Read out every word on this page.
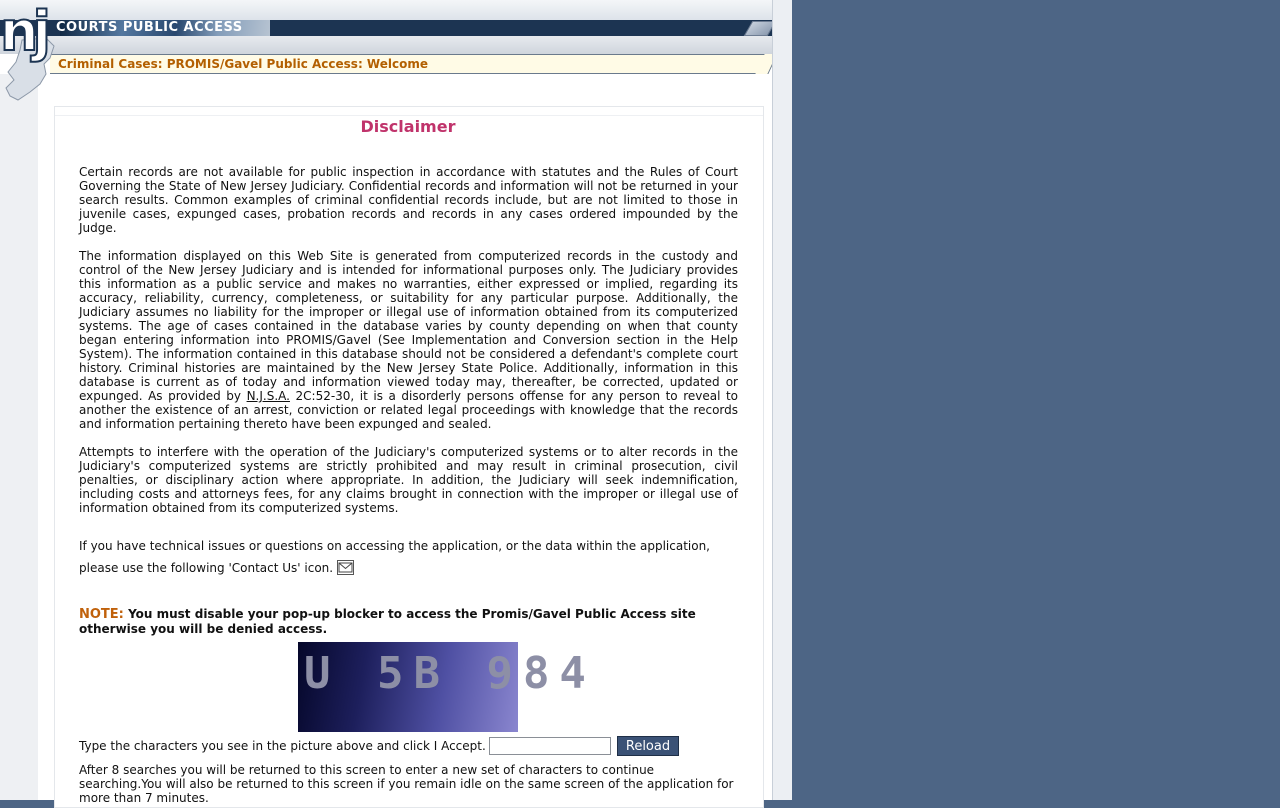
COURTS PUBLIC ACCESS
Criminal Cases: PROMIS/Gavel Public Access: Welcome
nj
Disclaimer
Certain records are not available for public inspection in accordance with statutes and the Rules of Court Governing the State of New Jersey Judiciary. Confidential records and information will not be returned in your search results. Common examples of criminal confidential records include, but are not limited to those in juvenile cases, expunged cases, probation records and records in any cases ordered impounded by the Judge.
The information displayed on this Web Site is generated from computerized records in the custody and control of the New Jersey Judiciary and is intended for informational purposes only. The Judiciary provides this information as a public service and makes no warranties, either expressed or implied, regarding its accuracy, reliability, currency, completeness, or suitability for any particular purpose. Additionally, the Judiciary assumes no liability for the improper or illegal use of information obtained from its computerized systems. The age of cases contained in the database varies by county depending on when that county began entering information into PROMIS/Gavel (See Implementation and Conversion section in the Help System). The information contained in this database should not be considered a defendant's complete court history. Criminal histories are maintained by the New Jersey State Police. Additionally, information in this database is current as of today and information viewed today may, thereafter, be corrected, updated or expunged. As provided by N.J.S.A. 2C:52-30, it is a disorderly persons offense for any person to reveal to another the existence of an arrest, conviction or related legal proceedings with knowledge that the records and information pertaining thereto have been expunged and sealed.
Attempts to interfere with the operation of the Judiciary's computerized systems or to alter records in the Judiciary's computerized systems are strictly prohibited and may result in criminal prosecution, civil penalties, or disciplinary action where appropriate. In addition, the Judiciary will seek indemnification, including costs and attorneys fees, for any claims brought in connection with the improper or illegal use of information obtained from its computerized systems.
If you have technical issues or questions on accessing the application, or the data within the application, please use the following 'Contact Us' icon.
NOTE: You must disable your pop-up blocker to access the Promis/Gavel Public Access site otherwise you will be denied access.
U 5B 984
Type the characters you see in the picture above and click I Accept.	Reload
After 8 searches you will be returned to this screen to enter a new set of characters to continue searching.You will also be returned to this screen if you remain idle on the same screen of the application for more than 7 minutes.
